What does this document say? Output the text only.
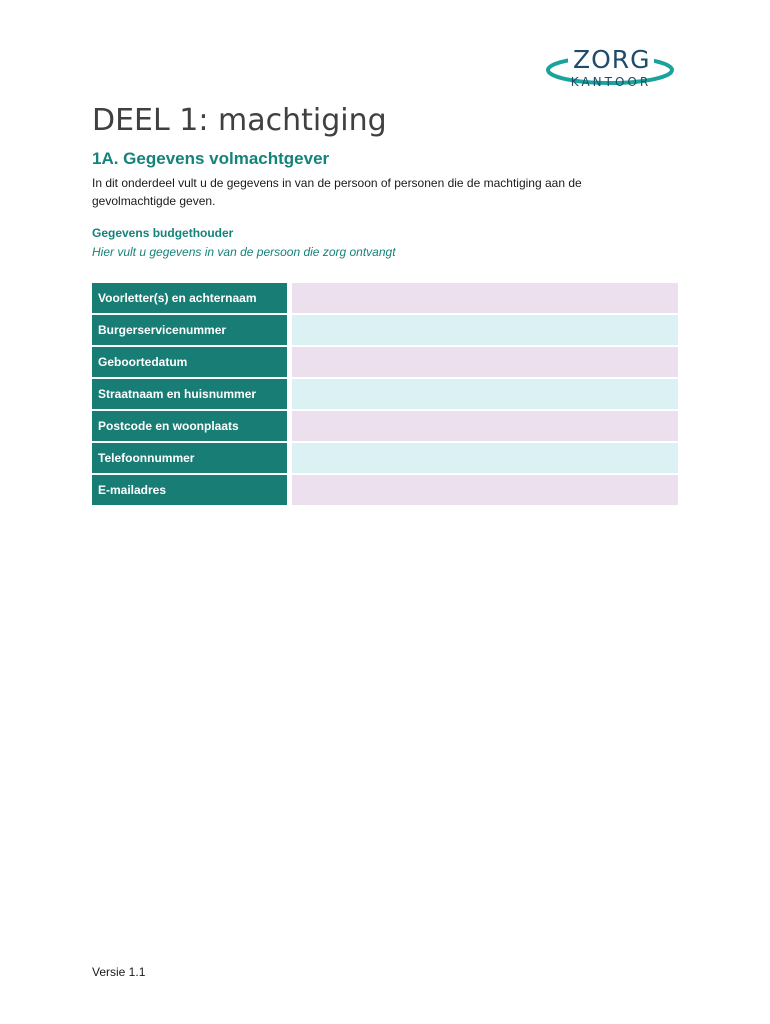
ZORG
KANTOOR
DEEL 1: machtiging
1A. Gegevens volmachtgever

In dit onderdeel vult u de gegevens in van de persoon of personen die de machtiging aan de gevolmachtigde geven.

Gegevens budgethouder
Hier vult u gegevens in van de persoon die zorg ontvangt
Voorletter(s) en achternaam
Burgerservicenummer
Geboortedatum
Straatnaam en huisnummer
Postcode en woonplaats
Telefoonnummer
E-mailadres
Versie 1.1
